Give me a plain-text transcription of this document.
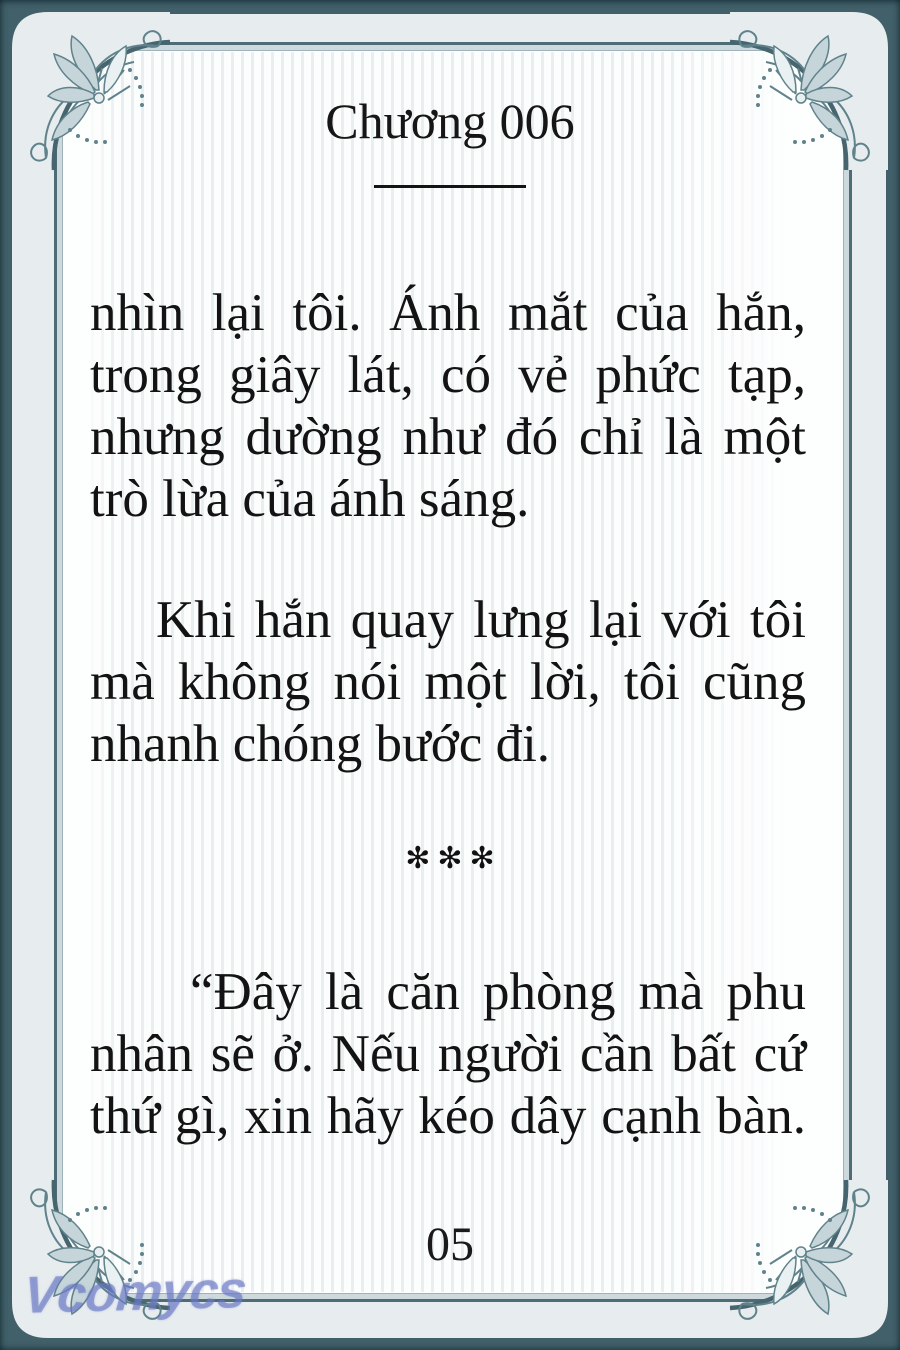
Chương 006
nhìn lại tôi. Ánh mắt của hắn,
trong giây lát, có vẻ phức tạp,
nhưng dường như đó chỉ là một
trò lừa của ánh sáng.
Khi hắn quay lưng lại với tôi
mà không nói một lời, tôi cũng
nhanh chóng bước đi.
“Đây là căn phòng mà phu
nhân sẽ ở. Nếu người cần bất cứ
thứ gì, xin hãy kéo dây cạnh bàn.
✻✻✻
05
Vcomycs
